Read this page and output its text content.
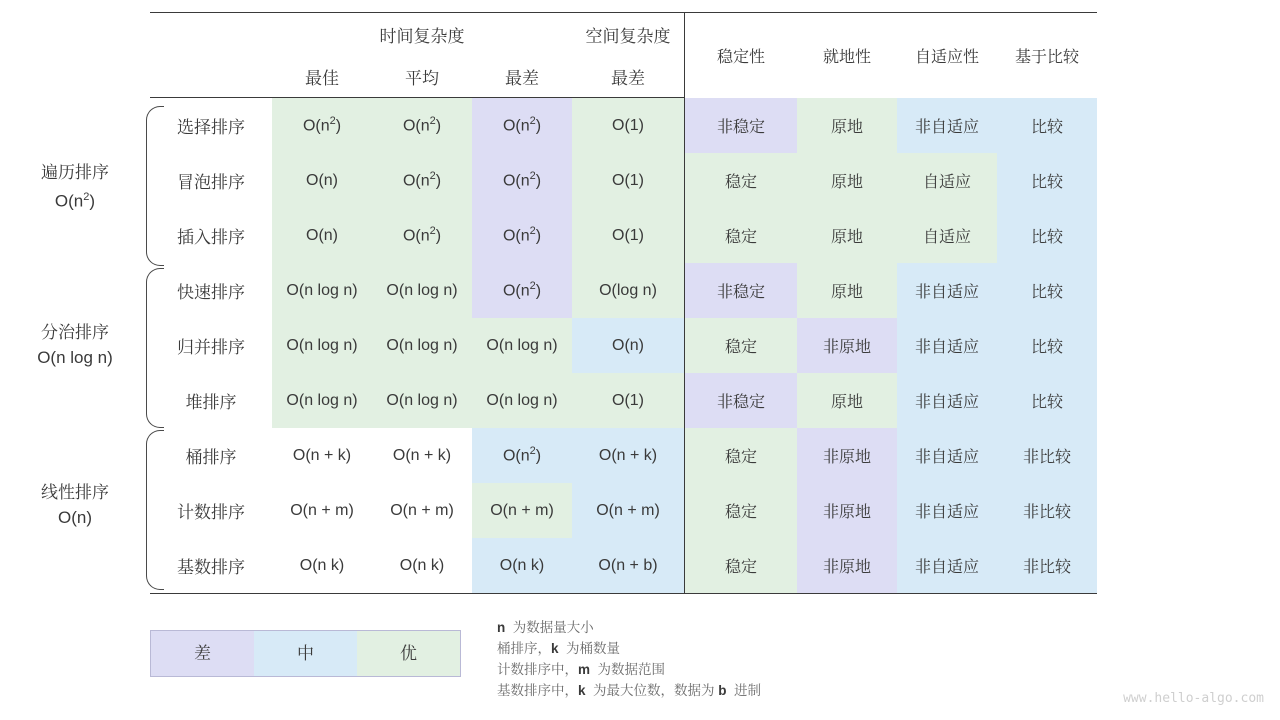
遍历排序
$O(n^2)$
分治排序
O(n log n)
线性排序
O(n)
	时间复杂度			空间复杂度	稳定性	就地性	自适应性	基于比较
	最佳	平均	最差	最差				
选择排序	$O(n^2)$	$O(n^2)$	$O(n^2)$	O(1)	非稳定	原地	非自适应	比较
冒泡排序	O(n)	$O(n^2)$	$O(n^2)$	O(1)	稳定	原地	自适应	比较
插入排序	O(n)	$O(n^2)$	$O(n^2)$	O(1)	稳定	原地	自适应	比较
快速排序	O(n log n)	O(n log n)	$O(n^2)$	O(log n)	非稳定	原地	非自适应	比较
归并排序	O(n log n)	O(n log n)	O(n log n)	O(n)	稳定	非原地	非自适应	比较
堆排序	O(n log n)	O(n log n)	O(n log n)	O(1)	非稳定	原地	非自适应	比较
桶排序	O(n + k)	O(n + k)	$O(n^2)$	O(n + k)	稳定	非原地	非自适应	非比较
计数排序	O(n + m)	O(n + m)	O(n + m)	O(n + m)	稳定	非原地	非自适应	非比较
基数排序	O(n k)	O(n k)	O(n k)	O(n + b)	稳定	非原地	非自适应	非比较
差	中	优
n  为数据量大小
桶排序，k  为桶数量
计数排序中，m  为数据范围
基数排序中，k  为最大位数，数据为 b  进制
www.hello-algo.com
